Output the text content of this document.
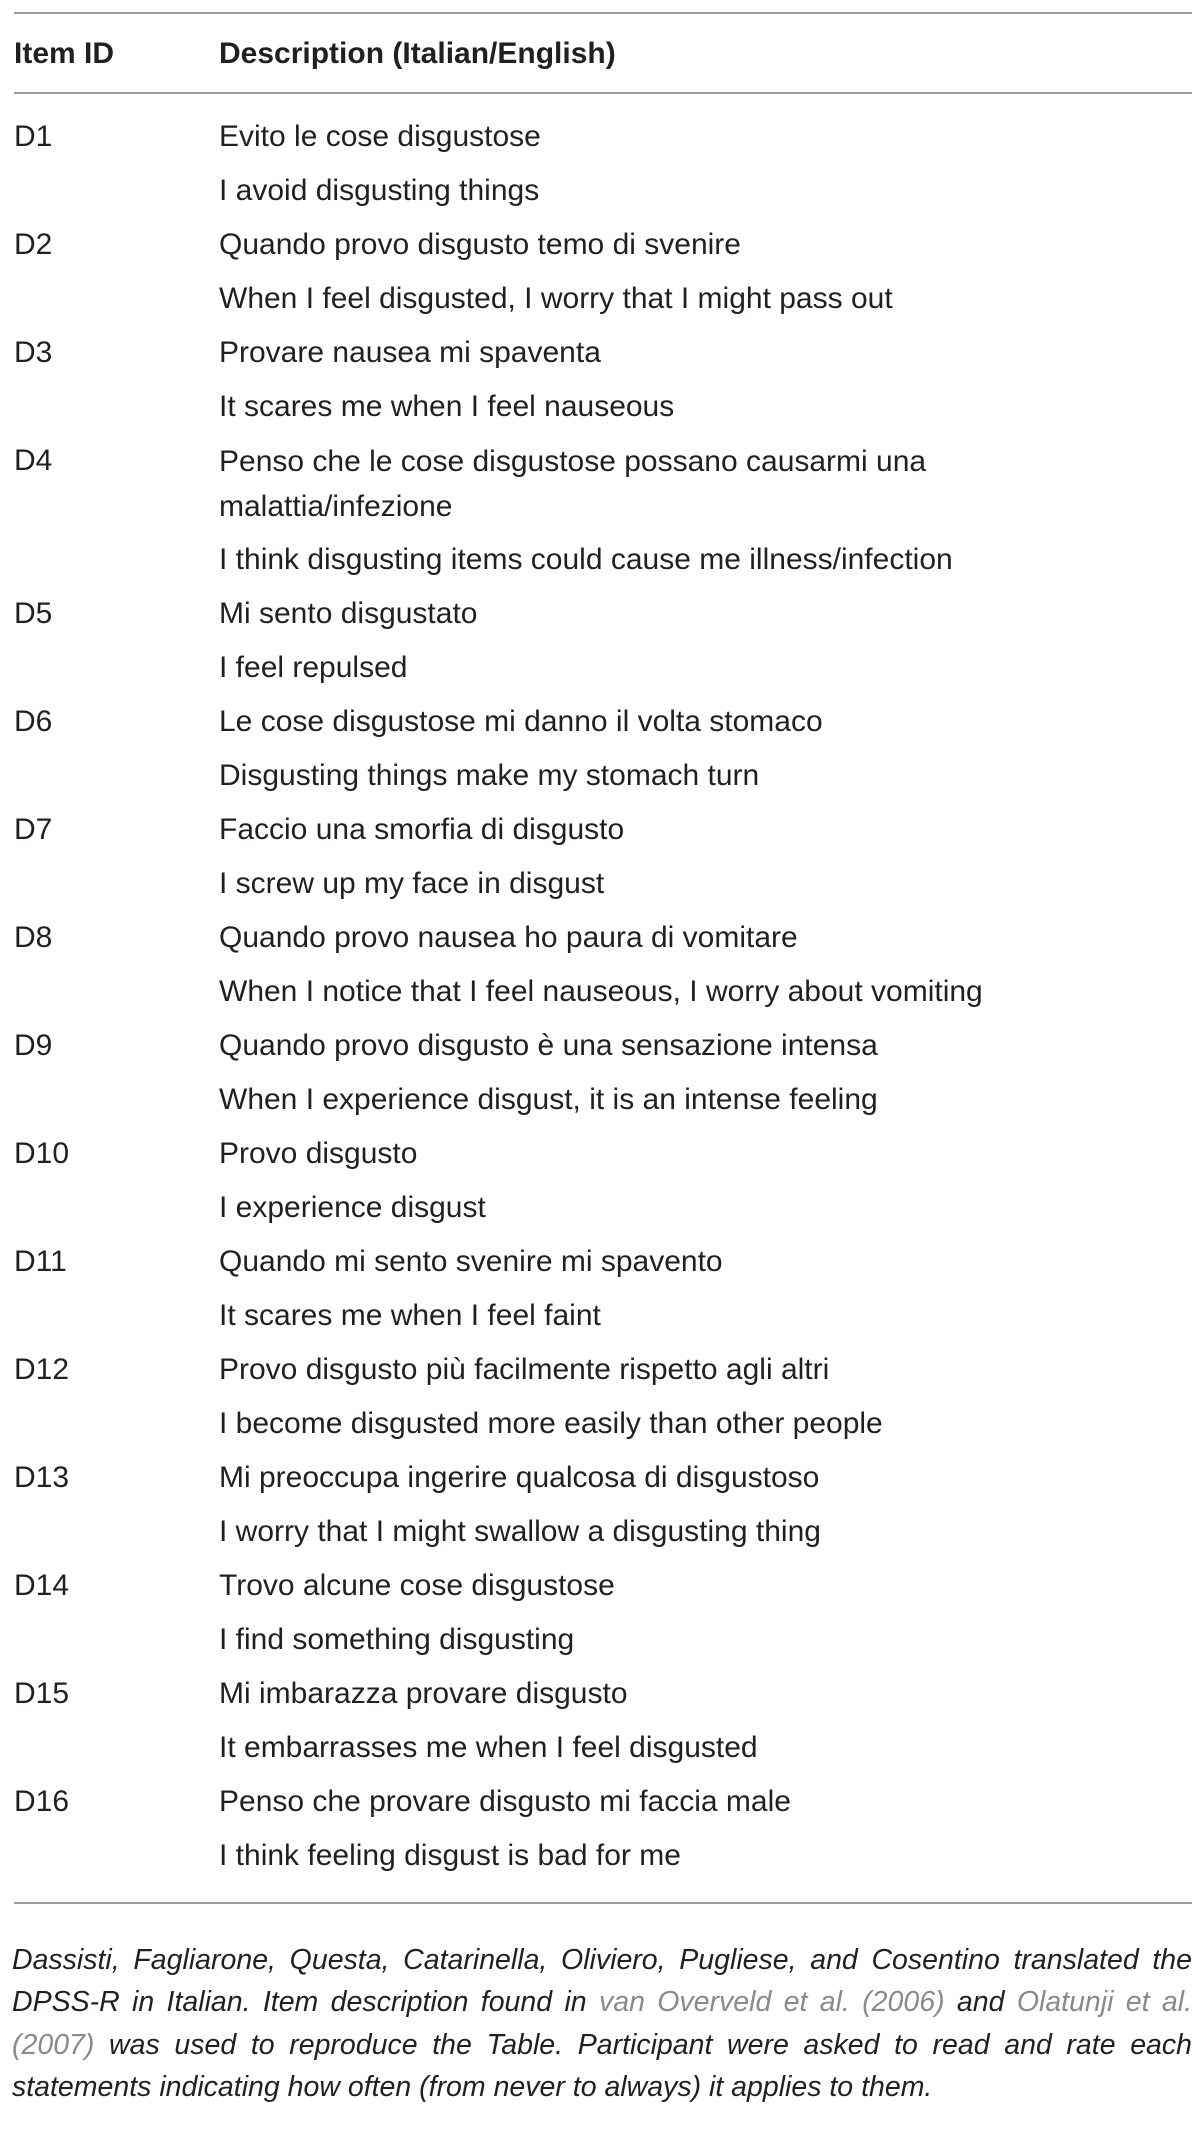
Item ID	Description (Italian/English)
D1	Evito le cose disgustose
I avoid disgusting things
D2	Quando provo disgusto temo di svenire
When I feel disgusted, I worry that I might pass out
D3	Provare nausea mi spaventa
It scares me when I feel nauseous
D4	Penso che le cose disgustose possano causarmi una malattia/infezione
I think disgusting items could cause me illness/infection
D5	Mi sento disgustato
I feel repulsed
D6	Le cose disgustose mi danno il volta stomaco
Disgusting things make my stomach turn
D7	Faccio una smorfia di disgusto
I screw up my face in disgust
D8	Quando provo nausea ho paura di vomitare
When I notice that I feel nauseous, I worry about vomiting
D9	Quando provo disgusto è una sensazione intensa
When I experience disgust, it is an intense feeling
D10	Provo disgusto
I experience disgust
D11	Quando mi sento svenire mi spavento
It scares me when I feel faint
D12	Provo disgusto più facilmente rispetto agli altri
I become disgusted more easily than other people
D13	Mi preoccupa ingerire qualcosa di disgustoso
I worry that I might swallow a disgusting thing
D14	Trovo alcune cose disgustose
I find something disgusting
D15	Mi imbarazza provare disgusto
It embarrasses me when I feel disgusted
D16	Penso che provare disgusto mi faccia male
I think feeling disgust is bad for me

Dassisti, Fagliarone, Questa, Catarinella, Oliviero, Pugliese, and Cosentino translated the DPSS-R in Italian. Item description found in van Overveld et al. (2006) and Olatunji et al. (2007) was used to reproduce the Table. Participant were asked to read and rate each statements indicating how often (from never to always) it applies to them.
